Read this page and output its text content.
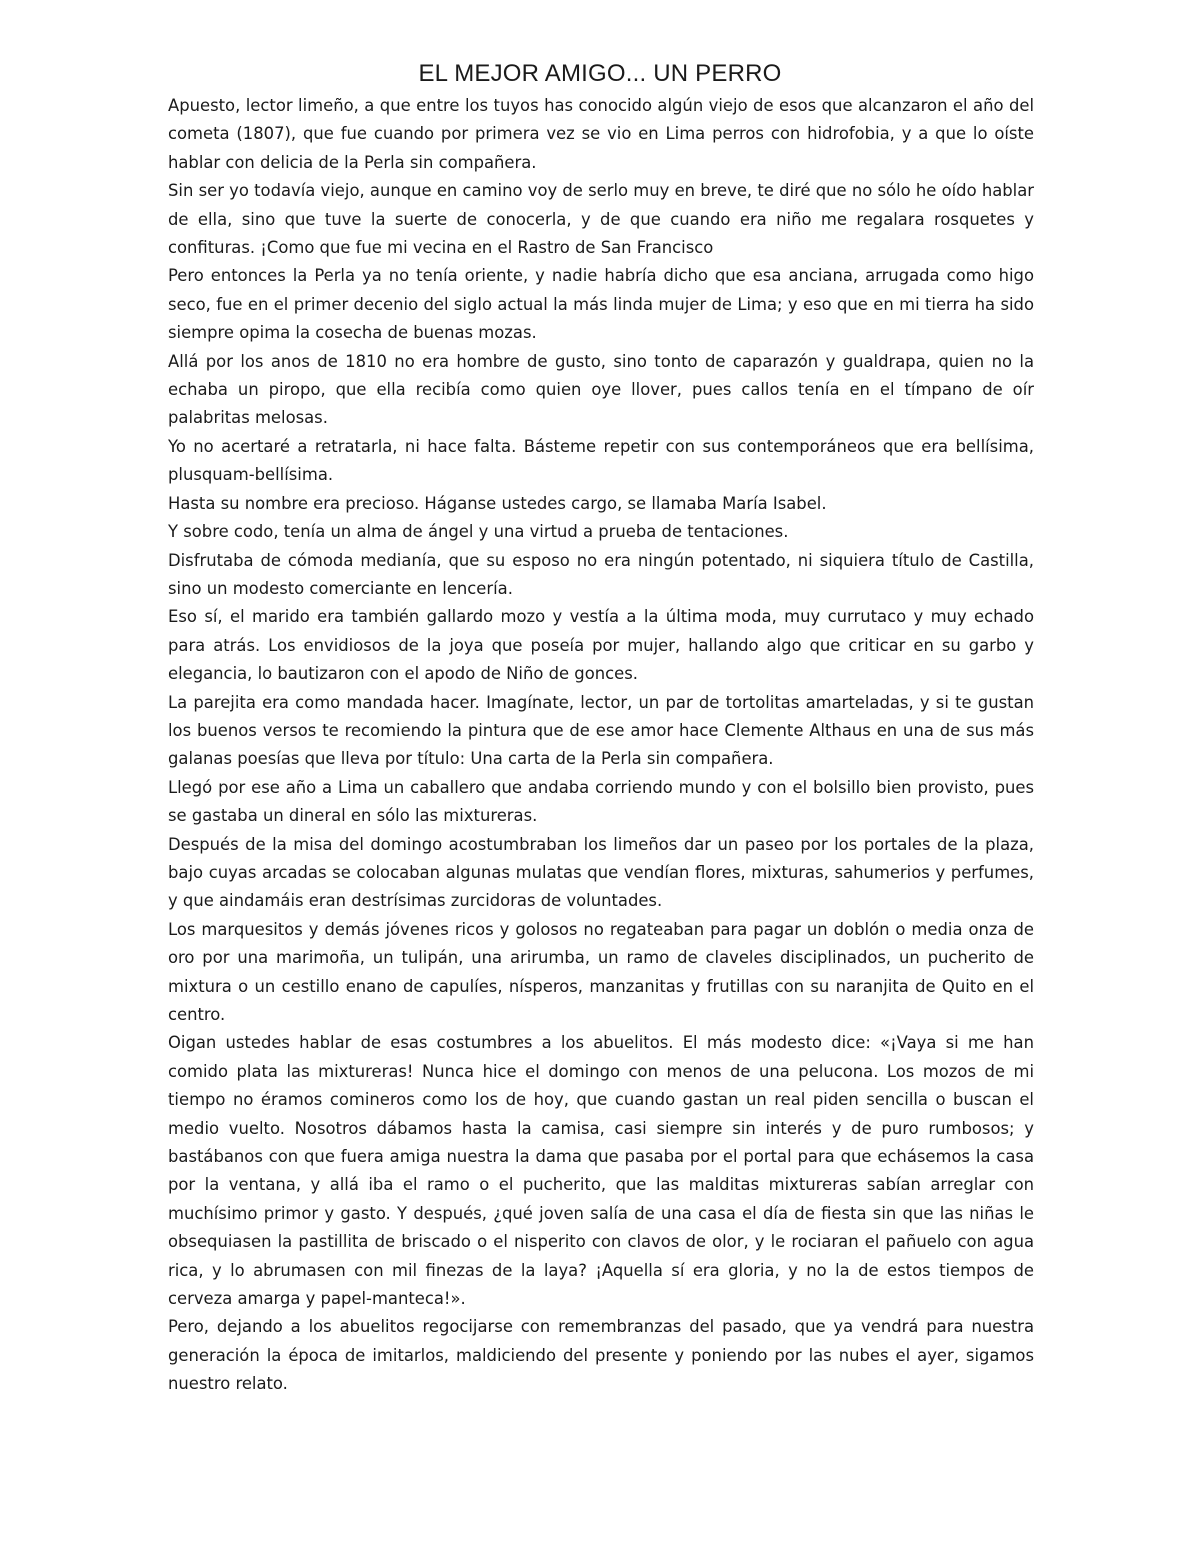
EL MEJOR AMIGO... UN PERRO

Apuesto, lector limeño, a que entre los tuyos has conocido algún viejo de esos que alcanzaron el año del cometa (1807), que fue cuando por primera vez se vio en Lima perros con hidrofobia, y a que lo oíste hablar con delicia de la Perla sin compañera.

Sin ser yo todavía viejo, aunque en camino voy de serlo muy en breve, te diré que no sólo he oído hablar de ella, sino que tuve la suerte de conocerla, y de que cuando era niño me regalara rosquetes y confituras. ¡Como que fue mi vecina en el Rastro de San Francisco

Pero entonces la Perla ya no tenía oriente, y nadie habría dicho que esa anciana, arrugada como higo seco, fue en el primer decenio del siglo actual la más linda mujer de Lima; y eso que en mi tierra ha sido siempre opima la cosecha de buenas mozas.

Allá por los anos de 1810 no era hombre de gusto, sino tonto de caparazón y gualdrapa, quien no la echaba un piropo, que ella recibía como quien oye llover, pues callos tenía en el tímpano de oír palabritas melosas.

Yo no acertaré a retratarla, ni hace falta. Básteme repetir con sus contemporáneos que era bellísima, plusquam-bellísima.

Hasta su nombre era precioso. Háganse ustedes cargo, se llamaba María Isabel.

Y sobre codo, tenía un alma de ángel y una virtud a prueba de tentaciones.

Disfrutaba de cómoda medianía, que su esposo no era ningún potentado, ni siquiera título de Castilla, sino un modesto comerciante en lencería.

Eso sí, el marido era también gallardo mozo y vestía a la última moda, muy currutaco y muy echado para atrás. Los envidiosos de la joya que poseía por mujer, hallando algo que criticar en su garbo y elegancia, lo bautizaron con el apodo de Niño de gonces.

La parejita era como mandada hacer. Imagínate, lector, un par de tortolitas amarteladas, y si te gustan los buenos versos te recomiendo la pintura que de ese amor hace Clemente Althaus en una de sus más galanas poesías que lleva por título: Una carta de la Perla sin compañera.

Llegó por ese año a Lima un caballero que andaba corriendo mundo y con el bolsillo bien provisto, pues se gastaba un dineral en sólo las mixtureras.

Después de la misa del domingo acostumbraban los limeños dar un paseo por los portales de la plaza, bajo cuyas arcadas se colocaban algunas mulatas que vendían flores, mixturas, sahumerios y perfumes, y que aindamáis eran destrísimas zurcidoras de voluntades.

Los marquesitos y demás jóvenes ricos y golosos no regateaban para pagar un doblón o media onza de oro por una marimoña, un tulipán, una arirumba, un ramo de claveles disciplinados, un pucherito de mixtura o un cestillo enano de capulíes, nísperos, manzanitas y frutillas con su naranjita de Quito en el centro.

Oigan ustedes hablar de esas costumbres a los abuelitos. El más modesto dice: «¡Vaya si me han comido plata las mixtureras! Nunca hice el domingo con menos de una pelucona. Los mozos de mi tiempo no éramos comineros como los de hoy, que cuando gastan un real piden sencilla o buscan el medio vuelto. Nosotros dábamos hasta la camisa, casi siempre sin interés y de puro rumbosos; y bastábanos con que fuera amiga nuestra la dama que pasaba por el portal para que echásemos la casa por la ventana, y allá iba el ramo o el pucherito, que las malditas mixtureras sabían arreglar con muchísimo primor y gasto. Y después, ¿qué joven salía de una casa el día de fiesta sin que las niñas le obsequiasen la pastillita de briscado o el nisperito con clavos de olor, y le rociaran el pañuelo con agua rica, y lo abrumasen con mil finezas de la laya? ¡Aquella sí era gloria, y no la de estos tiempos de cerveza amarga y papel-manteca!».

Pero, dejando a los abuelitos regocijarse con remembranzas del pasado, que ya vendrá para nuestra generación la época de imitarlos, maldiciendo del presente y poniendo por las nubes el ayer, sigamos nuestro relato.
